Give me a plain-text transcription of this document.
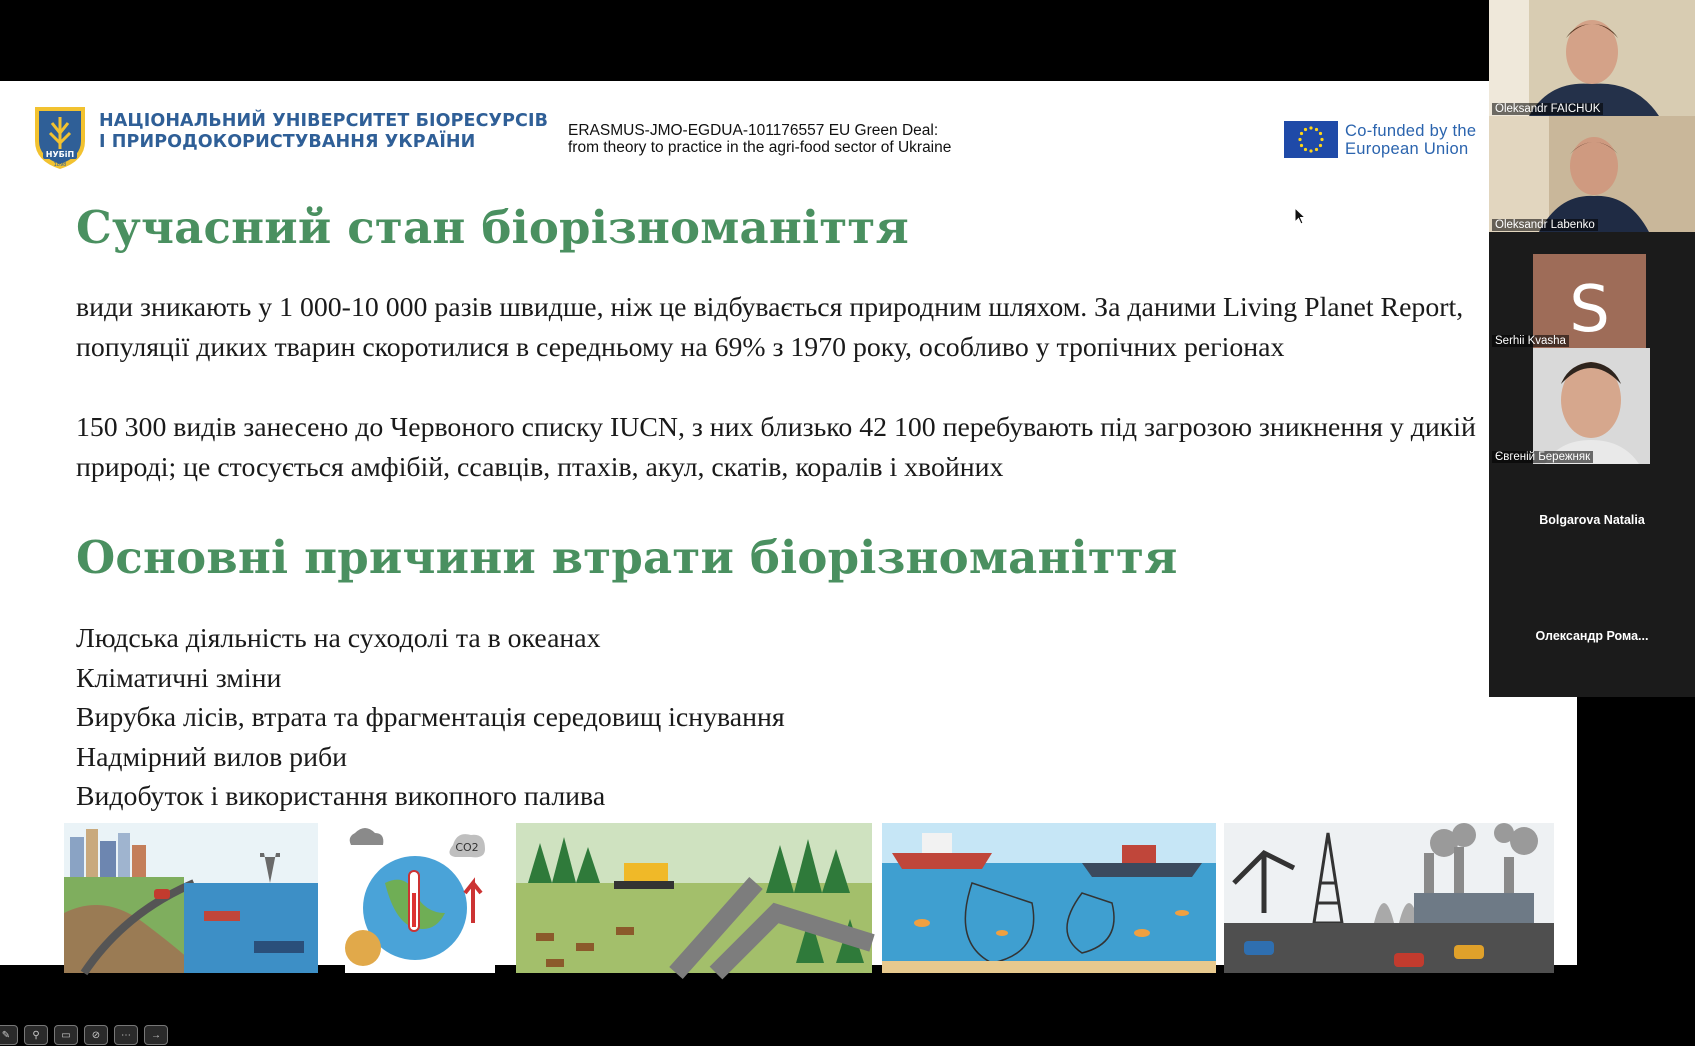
НУБіП
1898
НАЦІОНАЛЬНИЙ УНІВЕРСИТЕТ БІОРЕСУРСІВ
І ПРИРОДОКОРИСТУВАННЯ УКРАЇНИ
ERASMUS-JMO-EGDUA-101176557 EU Green Deal:
from theory to practice in the agri-food sector of Ukraine
Co-funded by the
European Union
Сучасний стан біорізноманіття

види зникають у 1 000-10 000 разів швидше, ніж це відбувається природним шляхом. За даними Living Planet Report, популяції диких тварин скоротилися в середньому на 69% з 1970 року, особливо у тропічних регіонах

150 300 видів занесено до Червоного списку IUCN, з них близько 42 100 перебувають під загрозою зникнення у дикій природі; це стосується амфібій, ссавців, птахів, акул, скатів, коралів і хвойних

Основні причини втрати біорізноманіття
Людська діяльність на суходолі та в океанах
Кліматичні зміни
Вирубка лісів, втрата та фрагментація середовищ існування
Надмірний вилов риби
Видобуток і використання викопного палива
CO2
✎	⚲	▭	⊘	⋯	→

Oleksandr FAICHUK
Oleksandr Labenko
S
Serhii Kvasha
Євгеній Бережняк
Bolgarova Natalia
Олександр Рома...
